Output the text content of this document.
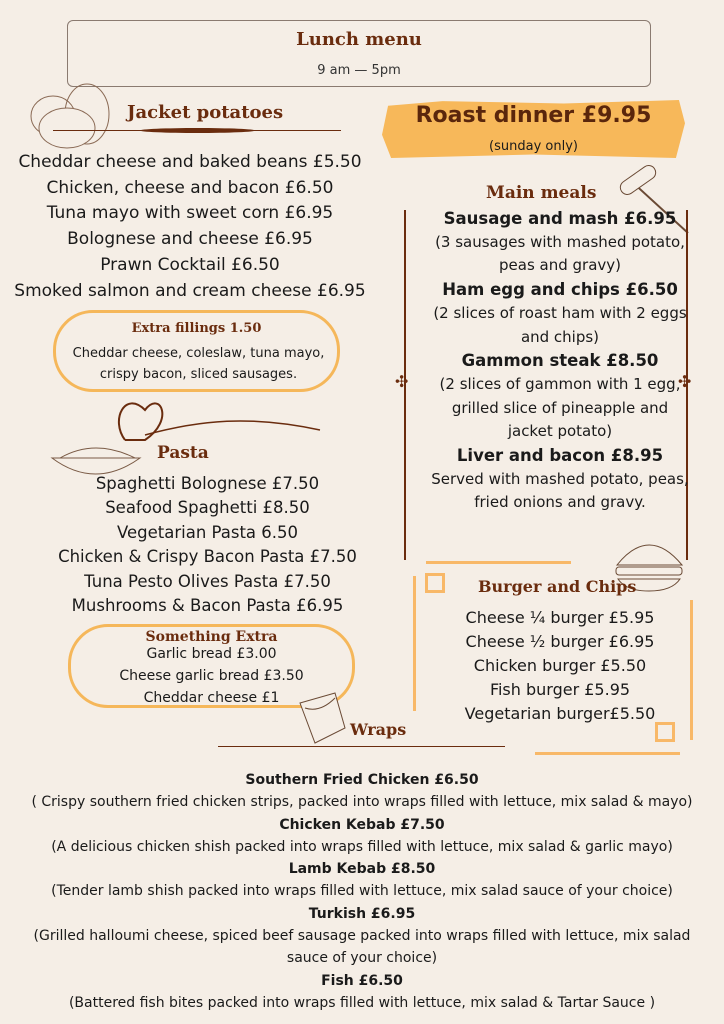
Lunch menu
9 am — 5pm
Jacket potatoes
Cheddar cheese and baked beans £5.50
Chicken, cheese and bacon £6.50
Tuna mayo with sweet corn £6.95
Bolognese and cheese £6.95
Prawn Cocktail £6.50
Smoked salmon and cream cheese £6.95
Extra fillings 1.50
Cheddar cheese, coleslaw, tuna mayo, crispy bacon, sliced sausages.
Roast dinner £9.95
(sunday only)
Main meals
✣	✣
Sausage and mash £6.95
(3 sausages with mashed potato, peas and gravy)
Ham egg and chips £6.50
(2 slices of roast ham with 2 eggs and chips)
Gammon steak £8.50
(2 slices of gammon with 1 egg, grilled slice of pineapple and jacket potato)
Liver and bacon £8.95
Served with mashed potato, peas, fried onions and gravy.
Pasta
Spaghetti Bolognese £7.50
Seafood Spaghetti £8.50
Vegetarian Pasta 6.50
Chicken & Crispy Bacon Pasta £7.50
Tuna Pesto Olives Pasta £7.50
Mushrooms & Bacon Pasta £6.95
Something Extra
Garlic bread £3.00
Cheese garlic bread £3.50
Cheddar cheese £1
Burger and Chips
Cheese ¼ burger £5.95
Cheese ½ burger £6.95
Chicken burger £5.50
Fish burger £5.95
Vegetarian burger£5.50
Wraps
Southern Fried Chicken £6.50
( Crispy southern fried chicken strips, packed into wraps filled with lettuce, mix salad & mayo)
Chicken Kebab £7.50
(A delicious chicken shish packed into wraps filled with lettuce, mix salad & garlic mayo)
Lamb Kebab £8.50
(Tender lamb shish packed into wraps filled with lettuce, mix salad sauce of your choice)
Turkish £6.95
(Grilled halloumi cheese, spiced beef sausage packed into wraps filled with lettuce, mix salad sauce of your choice)
Fish £6.50
(Battered fish bites packed into wraps filled with lettuce, mix salad & Tartar Sauce )
